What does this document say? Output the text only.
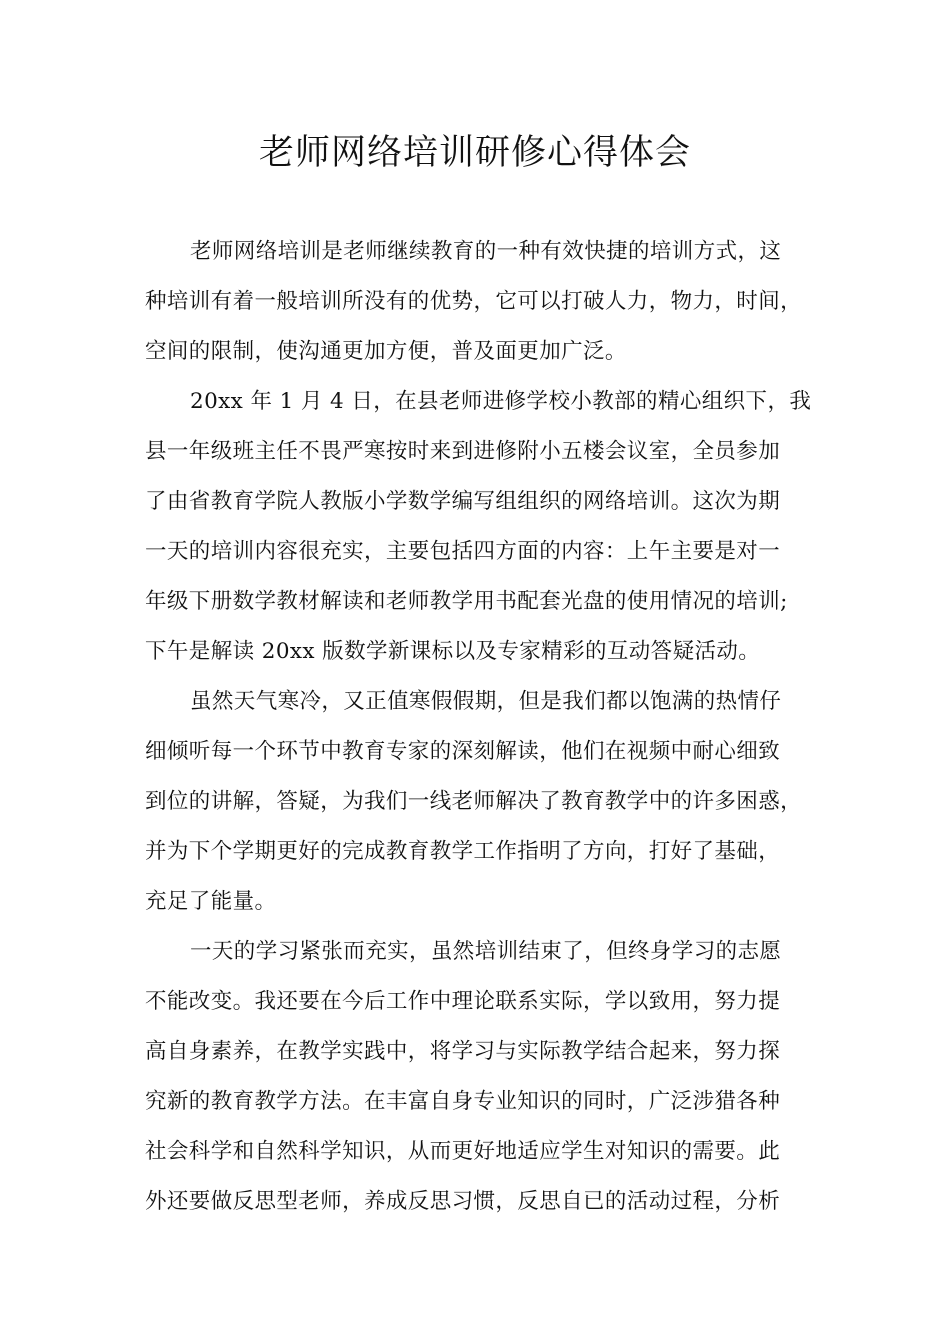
老师网络培训研修心得体会
老师网络培训是老师继续教育的一种有效快捷的培训方式，这
种培训有着一般培训所没有的优势，它可以打破人力，物力，时间，
空间的限制，使沟通更加方便，普及面更加广泛。
20xx 年 1 月 4 日，在县老师进修学校小教部的精心组织下，我
县一年级班主任不畏严寒按时来到进修附小五楼会议室，全员参加
了由省教育学院人教版小学数学编写组组织的网络培训。这次为期
一天的培训内容很充实，主要包括四方面的内容：上午主要是对一
年级下册数学教材解读和老师教学用书配套光盘的使用情况的培训;
下午是解读 20xx 版数学新课标以及专家精彩的互动答疑活动。
虽然天气寒冷，又正值寒假假期，但是我们都以饱满的热情仔
细倾听每一个环节中教育专家的深刻解读，他们在视频中耐心细致
到位的讲解，答疑，为我们一线老师解决了教育教学中的许多困惑，
并为下个学期更好的完成教育教学工作指明了方向，打好了基础，
充足了能量。
一天的学习紧张而充实，虽然培训结束了，但终身学习的志愿
不能改变。我还要在今后工作中理论联系实际，学以致用，努力提
高自身素养，在教学实践中，将学习与实际教学结合起来，努力探
究新的教育教学方法。在丰富自身专业知识的同时，广泛涉猎各种
社会科学和自然科学知识，从而更好地适应学生对知识的需要。此
外还要做反思型老师，养成反思习惯，反思自已的活动过程，分析
